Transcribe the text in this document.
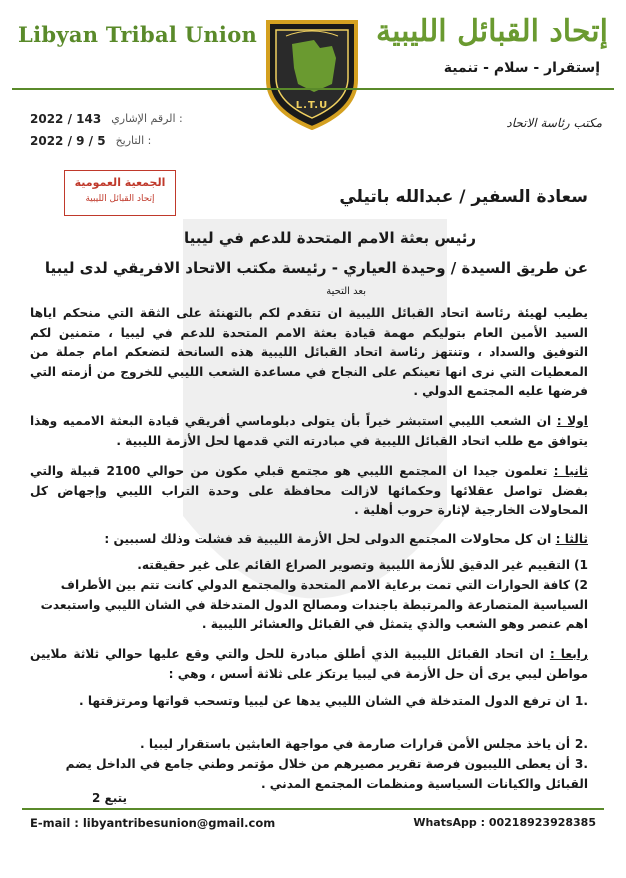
Libyan Tribal Union	إتحاد القبائل الليبية
إستقرار - سلام - تنمية
L.T.U
مكتب رئاسة الاتحاد
2022 / 143 الرقم الإشاري :
2022 / 9 / 5 التاريخ :
الجمعية العمومية
إتحاد القبائل الليبية	سعادة السفير / عبدالله باتيلي
رئيس بعثة الامم المتحدة للدعم في ليبيا
عن طريق السيدة / وحيدة العياري - رئيسة مكتب الاتحاد الافريقي لدى ليبيا
بعد التحية
يطيب لهيئة رئاسة اتحاد القبائل الليبية ان تتقدم لكم بالتهنئة على الثقة التي منحكم اياها السيد الأمين العام بتوليكم مهمة قيادة بعثة الامم المتحدة للدعم في ليبيا ، متمنين لكم التوفيق والسداد ، وتنتهز رئاسة اتحاد القبائل الليبية هذه السانحة لتضعكم امام جملة من المعطيات التي نرى انها تعينكم على النجاح في مساعدة الشعب الليبي للخروج من أزمته التي فرضها عليه المجتمع الدولي .
اولا : ان الشعب الليبي استبشر خيراً بأن يتولى دبلوماسي أفريقي قيادة البعثة الامميه وهذا يتوافق مع طلب اتحاد القبائل الليبية في مبادرته التي قدمها لحل الأزمة الليبية .
ثانيا : تعلمون جيدا ان المجتمع الليبي هو مجتمع قبلي مكون من حوالي 2100 قبيلة والتي بفضل تواصل عقلائها وحكمائها لازالت محافظة على وحدة التراب الليبي وإجهاض كل المحاولات الخارجية لإثارة حروب أهلية .
ثالثا : ان كل محاولات المجتمع الدولى لحل الأزمة الليبية قد فشلت وذلك لسببين :
1)التقييم غير الدقيق للأزمة الليبية وتصوير الصراع القائم على غير حقيقته.
2)كافة الحوارات التي تمت برعاية الامم المتحدة والمجتمع الدولي كانت تتم بين الأطراف السياسية المتصارعة والمرتبطة باجندات ومصالح الدول المتدخلة في الشان الليبي واستبعدت اهم عنصر وهو الشعب والذي يتمثل في القبائل والعشائر الليبية .
رابعا : ان اتحاد القبائل الليبية الذي أطلق مبادرة للحل والتي وقع عليها حوالي ثلاثة ملايين مواطن ليبي يرى أن حل الأزمة في ليبيا يرتكز على ثلاثة أسس ، وهي :
.1ان ترفع الدول المتدخلة في الشان الليبي يدها عن ليبيا وتسحب قواتها ومرتزقتها .
.2أن ياخذ مجلس الأمن قرارات صارمة في مواجهة العابثين باستقرار ليبيا .
.3أن يعطى الليبيون فرصة تقرير مصيرهم من خلال مؤتمر وطني جامع في الداخل يضم القبائل والكيانات السياسية ومنظمات المجتمع المدني .
يتبع 2
E-mail : libyantribesunion@gmail.com	WhatsApp : 00218923928385
